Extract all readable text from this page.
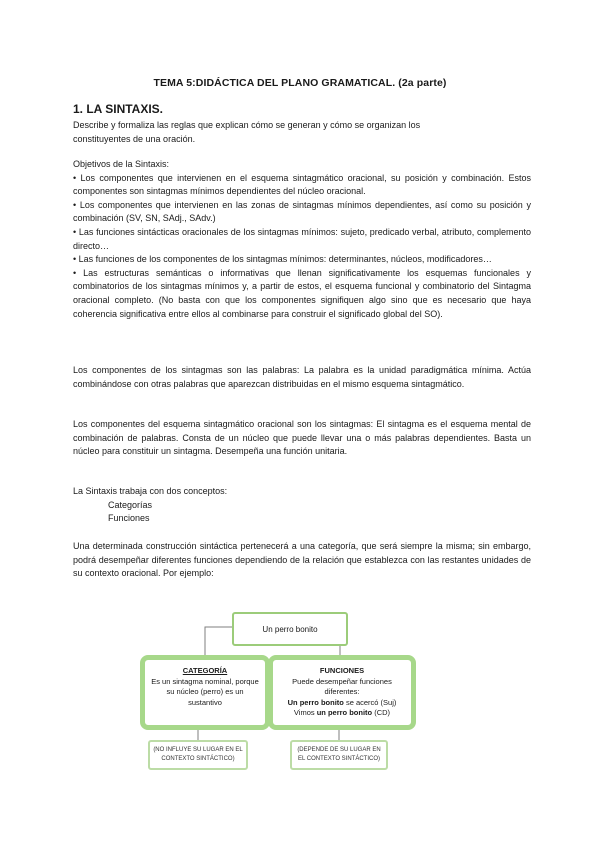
TEMA 5:DIDÁCTICA DEL PLANO GRAMATICAL. (2a parte)
1. LA SINTAXIS.

Describe y formaliza las reglas que explican cómo se generan y cómo se organizan los

constituyentes de una oración.

Objetivos de la Sintaxis:

• Los componentes que intervienen en el esquema sintagmático oracional, su posición y combinación. Estos componentes son sintagmas mínimos dependientes del núcleo oracional.

• Los componentes que intervienen en las zonas de sintagmas mínimos dependientes, así como su posición y combinación (SV, SN, SAdj., SAdv.)

• Las funciones sintácticas oracionales de los sintagmas mínimos: sujeto, predicado verbal, atributo, complemento directo…

• Las funciones de los componentes de los sintagmas mínimos: determinantes, núcleos, modificadores…

• Las estructuras semánticas o informativas que llenan significativamente los esquemas funcionales y combinatorios de los sintagmas mínimos y, a partir de estos, el esquema funcional y combinatorio del Sintagma oracional completo. (No basta con que los componentes signifiquen algo sino que es necesario que haya coherencia significativa entre ellos al combinarse para construir el significado global del SO).

Los componentes de los sintagmas son las palabras: La palabra es la unidad paradigmática mínima. Actúa combinándose con otras palabras que aparezcan distribuidas en el mismo esquema sintagmático.
Los componentes del esquema sintagmático oracional son los sintagmas: El sintagma es el esquema mental de combinación de palabras. Consta de un núcleo que puede llevar una o más palabras dependientes. Basta un núcleo para constituir un sintagma. Desempeña una función unitaria.

La Sintaxis trabaja con dos conceptos:

Categorías

Funciones

Una determinada construcción sintáctica pertenecerá a una categoría, que será siempre la misma; sin embargo, podrá desempeñar diferentes funciones dependiendo de la relación que establezca con las restantes unidades de su contexto oracional. Por ejemplo:
Un perro bonito
CATEGORÍA
Es un sintagma nominal, porque su núcleo (perro) es un sustantivo
FUNCIONES
Puede desempeñar funciones diferentes:
Un perro bonito se acercó (Suj)
Vimos un perro bonito (CD)
(NO INFLUYE SU LUGAR EN EL CONTEXTO SINTÁCTICO)
(DEPENDE DE SU LUGAR EN EL CONTEXTO SINTÁCTICO)
